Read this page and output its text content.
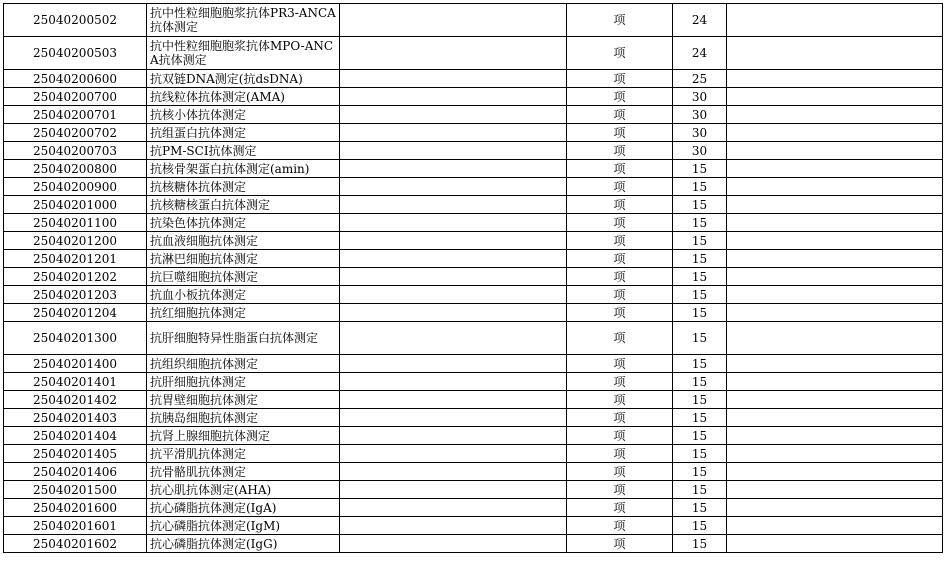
25040200502	抗中性粒细胞胞浆抗体PR3-ANCA抗体测定		项	24	
25040200503	抗中性粒细胞胞浆抗体MPO-ANCA抗体测定		项	24	
25040200600	抗双链DNA测定(抗dsDNA)		项	25	
25040200700	抗线粒体抗体测定(AMA)		项	30	
25040200701	抗核小体抗体测定		项	30	
25040200702	抗组蛋白抗体测定		项	30	
25040200703	抗PM-SCI抗体测定		项	30	
25040200800	抗核骨架蛋白抗体测定(amin)		项	15	
25040200900	抗核糖体抗体测定		项	15	
25040201000	抗核糖核蛋白抗体测定		项	15	
25040201100	抗染色体抗体测定		项	15	
25040201200	抗血液细胞抗体测定		项	15	
25040201201	抗淋巴细胞抗体测定		项	15	
25040201202	抗巨噬细胞抗体测定		项	15	
25040201203	抗血小板抗体测定		项	15	
25040201204	抗红细胞抗体测定		项	15	
25040201300	抗肝细胞特异性脂蛋白抗体测定		项	15	
25040201400	抗组织细胞抗体测定		项	15	
25040201401	抗肝细胞抗体测定		项	15	
25040201402	抗胃壁细胞抗体测定		项	15	
25040201403	抗胰岛细胞抗体测定		项	15	
25040201404	抗肾上腺细胞抗体测定		项	15	
25040201405	抗平滑肌抗体测定		项	15	
25040201406	抗骨骼肌抗体测定		项	15	
25040201500	抗心肌抗体测定(AHA)		项	15	
25040201600	抗心磷脂抗体测定(IgA)		项	15	
25040201601	抗心磷脂抗体测定(IgM)		项	15	
25040201602	抗心磷脂抗体测定(IgG)		项	15	
